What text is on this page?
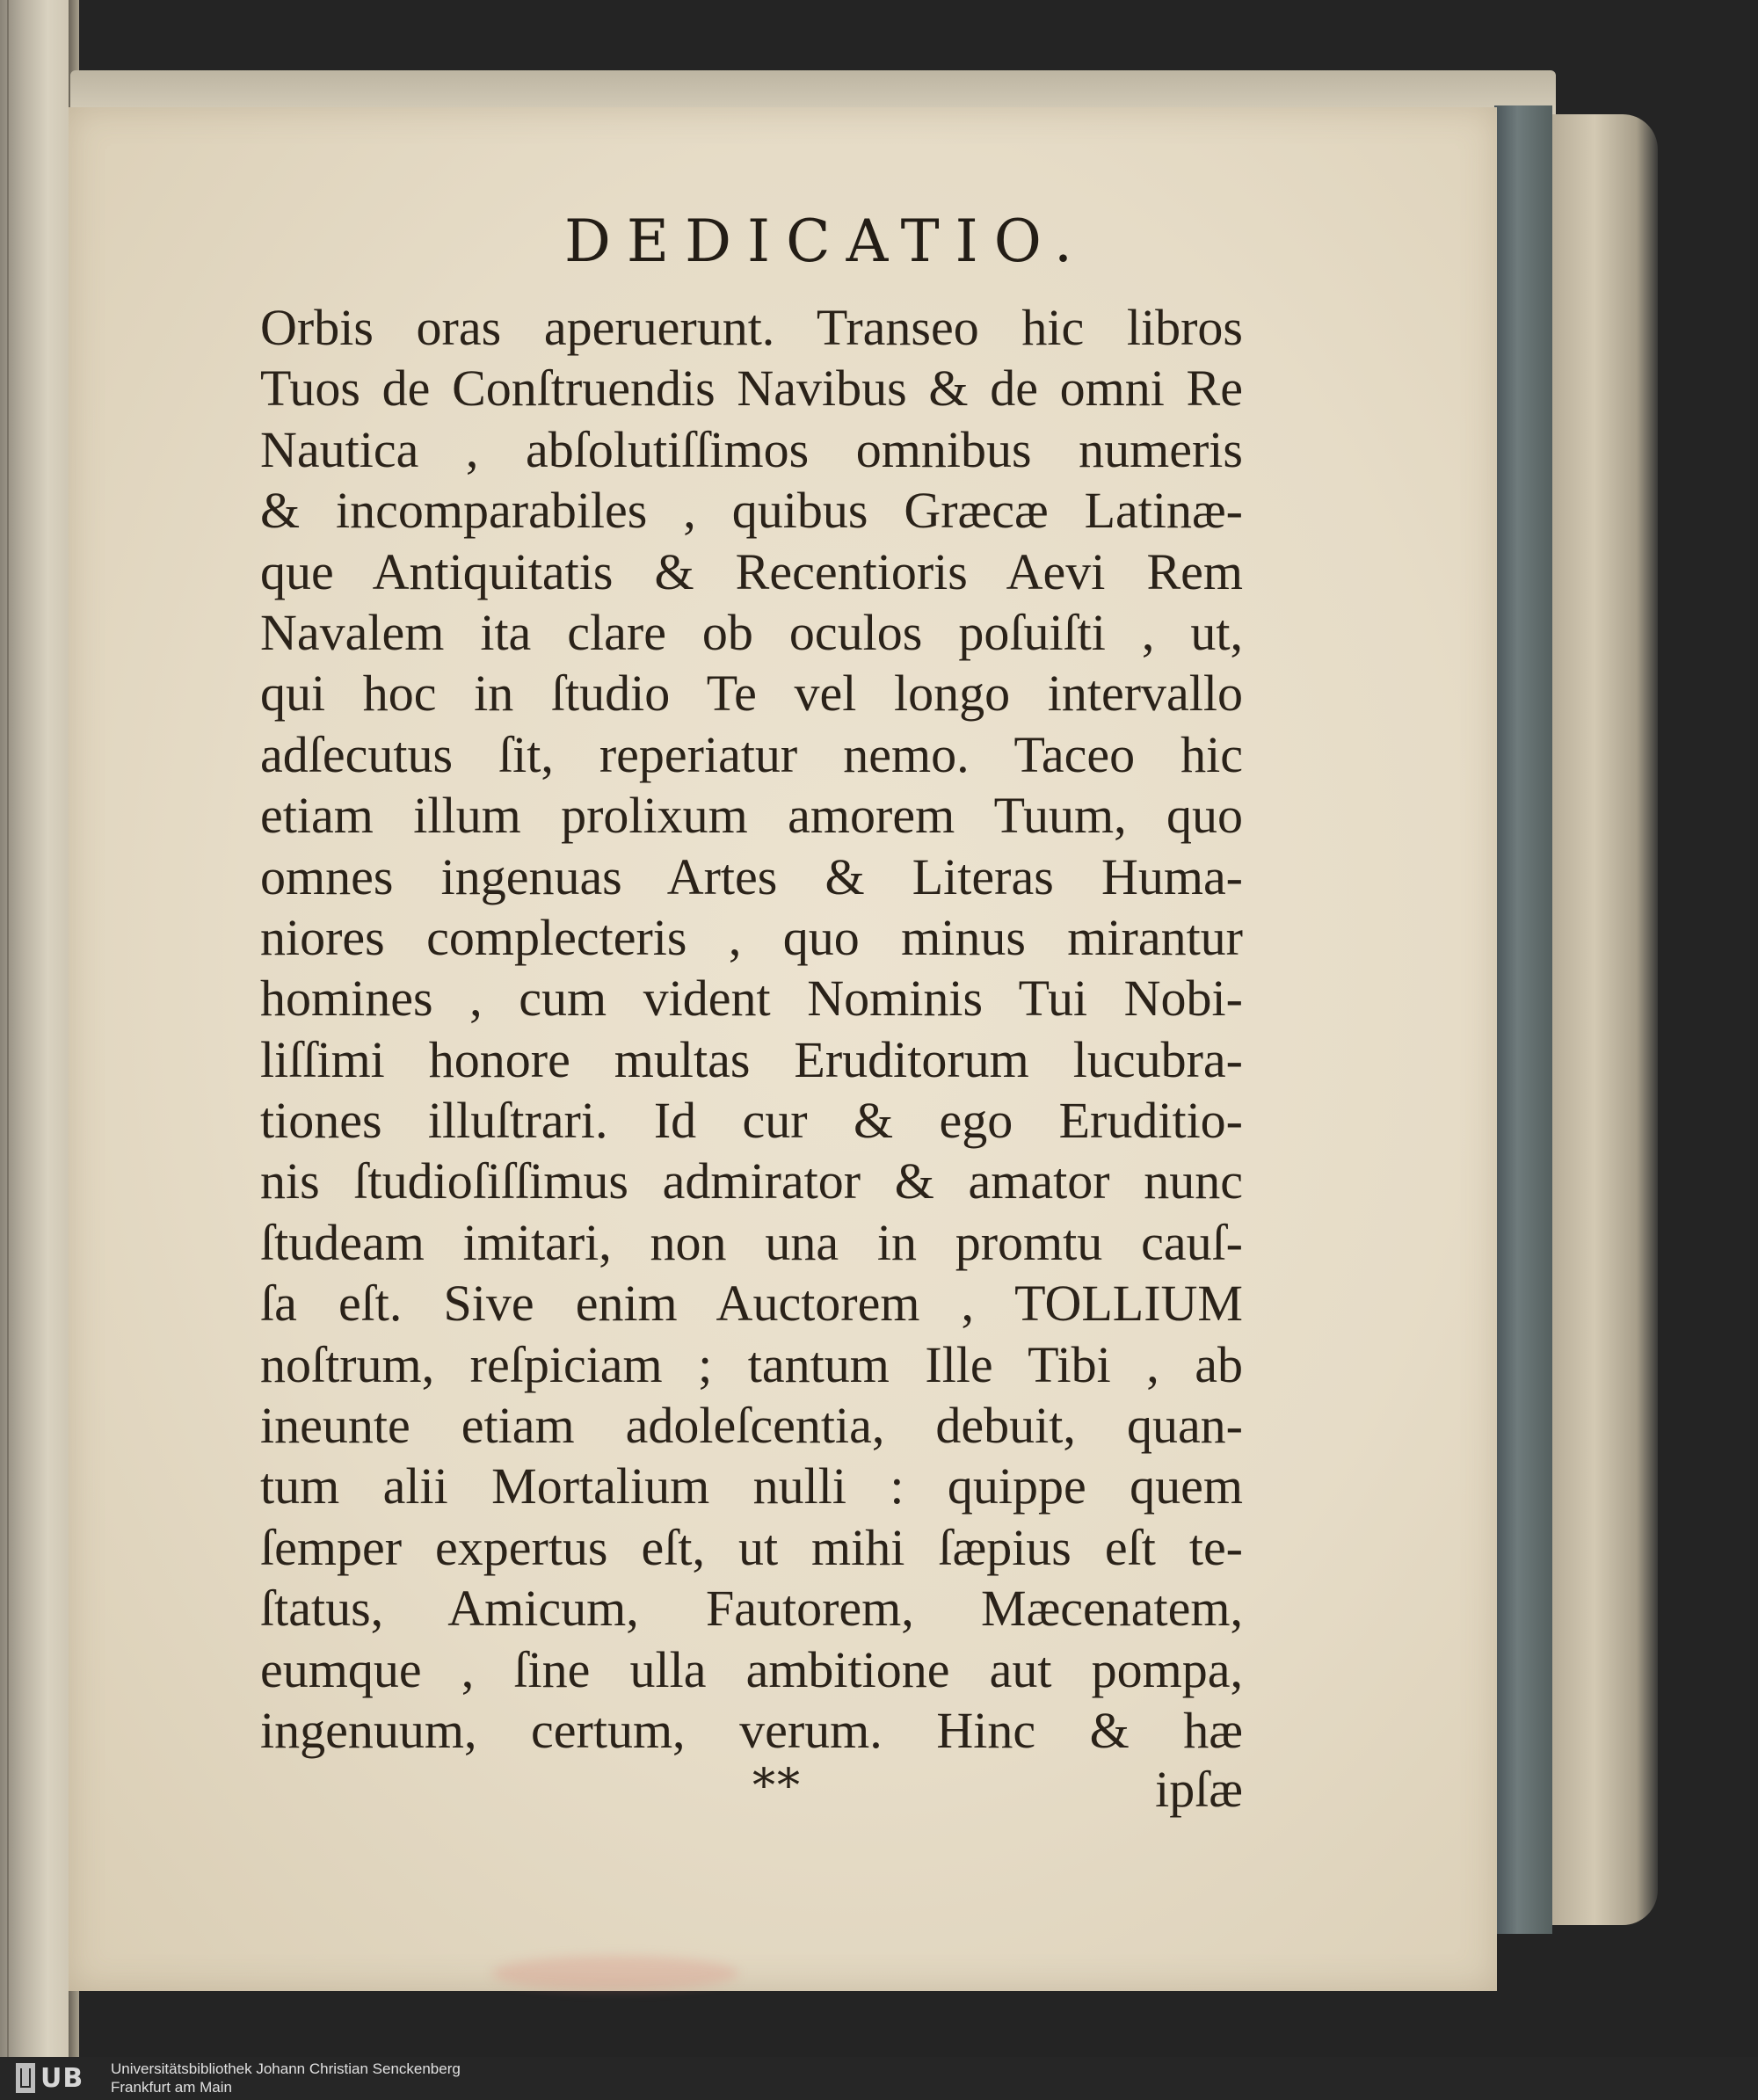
DEDICATIO.
Orbis oras aperuerunt. Transeo hic libros
Tuos de Conſtruendis Navibus & de omni Re
Nautica , abſolutiſſimos omnibus numeris
& incomparabiles , quibus Græcæ Latinæ-
que Antiquitatis & Recentioris Aevi Rem
Navalem ita clare ob oculos poſuiſti , ut,
qui hoc in ſtudio Te vel longo intervallo
adſecutus ſit, reperiatur nemo. Taceo hic
etiam illum prolixum amorem Tuum, quo
omnes ingenuas Artes & Literas Huma-
niores complecteris , quo minus mirantur
homines , cum vident Nominis Tui Nobi-
liſſimi honore multas Eruditorum lucubra-
tiones illuſtrari. Id cur & ego Eruditio-
nis ſtudioſiſſimus admirator & amator nunc
ſtudeam imitari, non una in promtu cauſ-
ſa eſt. Sive enim Auctorem , TOLLIUM
noſtrum, reſpiciam ; tantum Ille Tibi , ab
ineunte etiam adoleſcentia, debuit, quan-
tum alii Mortalium nulli : quippe quem
ſemper expertus eſt, ut mihi ſæpius eſt te-
ſtatus, Amicum, Fautorem, Mæcenatem,
eumque , ſine ulla ambitione aut pompa,
ingenuum, certum, verum. Hinc & hæ
**	ipſæ
UB Universitätsbibliothek Johann Christian Senckenberg
Frankfurt am Main
